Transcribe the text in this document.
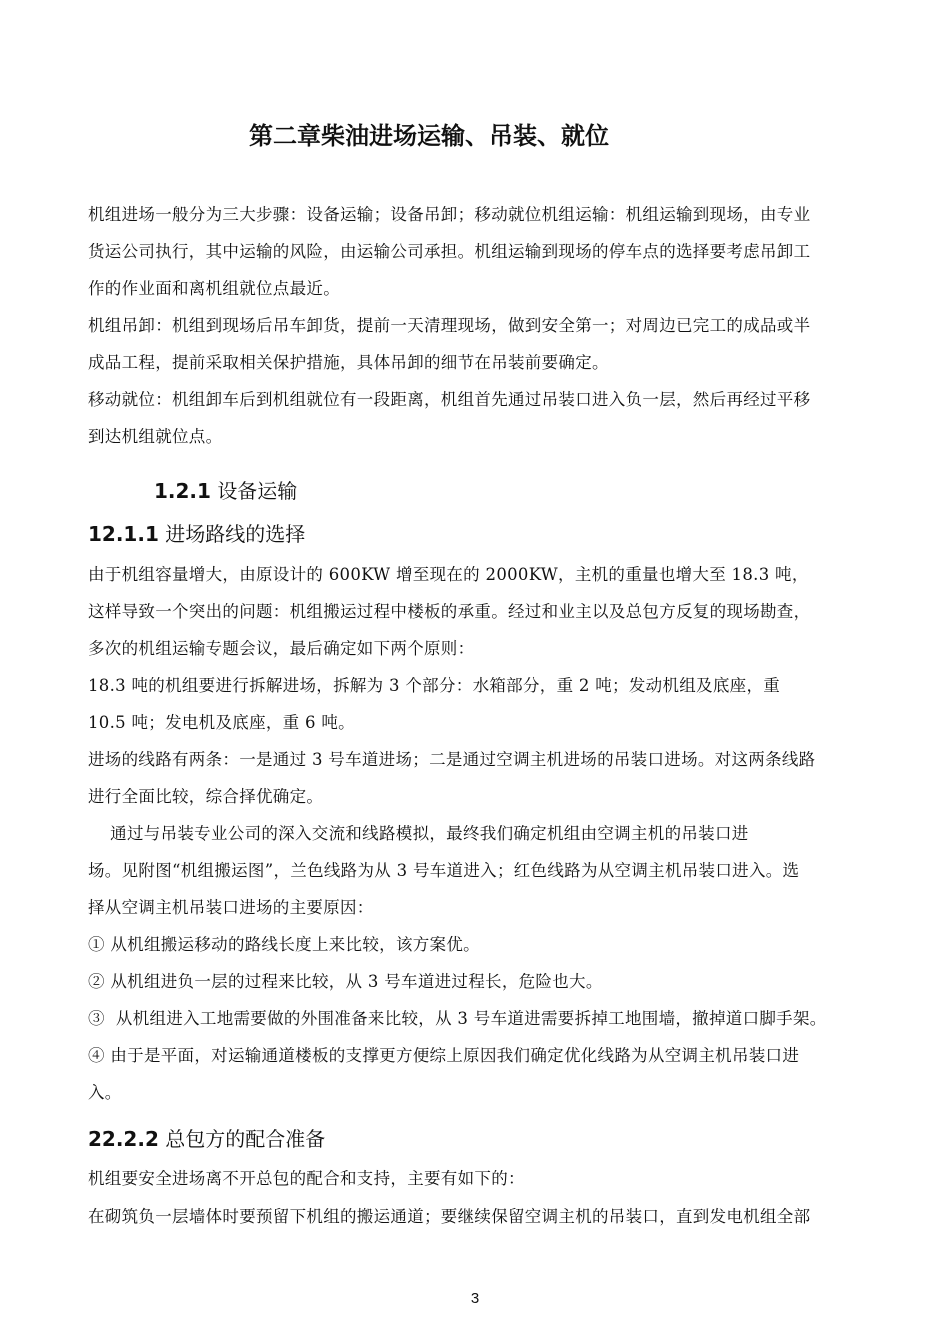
第二章柴油进场运输、吊装、就位
机组进场一般分为三大步骤：设备运输；设备吊卸；移动就位机组运输：机组运输到现场，由专业
货运公司执行，其中运输的风险，由运输公司承担。机组运输到现场的停车点的选择要考虑吊卸工
作的作业面和离机组就位点最近。
机组吊卸：机组到现场后吊车卸货，提前一天清理现场，做到安全第一；对周边已完工的成品或半
成品工程，提前采取相关保护措施，具体吊卸的细节在吊装前要确定。
移动就位：机组卸车后到机组就位有一段距离，机组首先通过吊装口进入负一层，然后再经过平移
到达机组就位点。
1.2.1 设备运输
12.1.1 进场路线的选择
由于机组容量增大，由原设计的 600KW 增至现在的 2000KW，主机的重量也增大至 18.3 吨，
这样导致一个突出的问题：机组搬运过程中楼板的承重。经过和业主以及总包方反复的现场勘查，
多次的机组运输专题会议，最后确定如下两个原则：
18.3 吨的机组要进行拆解进场，拆解为 3 个部分：水箱部分，重 2 吨；发动机组及底座，重
10.5 吨；发电机及底座，重 6 吨。
进场的线路有两条：一是通过 3 号车道进场；二是通过空调主机进场的吊装口进场。对这两条线路
进行全面比较，综合择优确定。
通过与吊装专业公司的深入交流和线路模拟，最终我们确定机组由空调主机的吊装口进
场。见附图“机组搬运图”，兰色线路为从 3 号车道进入；红色线路为从空调主机吊装口进入。选
择从空调主机吊装口进场的主要原因：
① 从机组搬运移动的路线长度上来比较，该方案优。
② 从机组进负一层的过程来比较，从 3 号车道进过程长，危险也大。
③  从机组进入工地需要做的外围准备来比较，从 3 号车道进需要拆掉工地围墙，撤掉道口脚手架。
④ 由于是平面，对运输通道楼板的支撑更方便综上原因我们确定优化线路为从空调主机吊装口进
入。
22.2.2 总包方的配合准备
机组要安全进场离不开总包的配合和支持，主要有如下的：
在砌筑负一层墙体时要预留下机组的搬运通道；要继续保留空调主机的吊装口，直到发电机组全部
3
